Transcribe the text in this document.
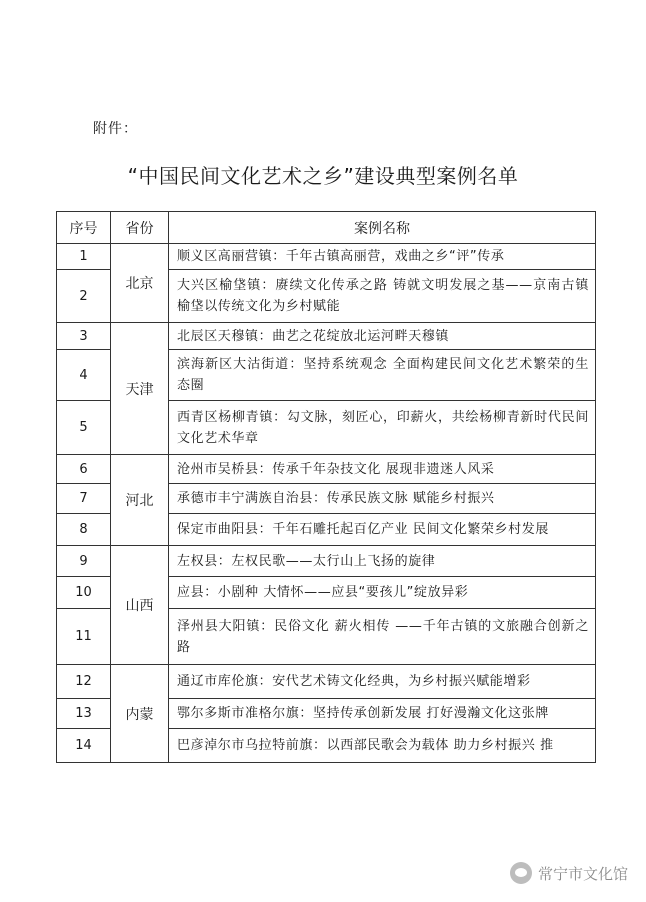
附件：
“中国民间文化艺术之乡”建设典型案例名单
序号	省份	案例名称
1	北京	顺义区高丽营镇：千年古镇高丽营，戏曲之乡“评”传承
2		大兴区榆垡镇：赓续文化传承之路 铸就文明发展之基——京南古镇榆垡以传统文化为乡村赋能
3	天津	北辰区天穆镇：曲艺之花绽放北运河畔天穆镇
4		滨海新区大沽街道：坚持系统观念 全面构建民间文化艺术繁荣的生态圈
5		西青区杨柳青镇：勾文脉，刻匠心，印薪火，共绘杨柳青新时代民间文化艺术华章
6	河北	沧州市吴桥县：传承千年杂技文化 展现非遗迷人风采
7		承德市丰宁满族自治县：传承民族文脉 赋能乡村振兴
8		保定市曲阳县：千年石雕托起百亿产业 民间文化繁荣乡村发展
9	山西	左权县：左权民歌——太行山上飞扬的旋律
10		应县：小剧种 大情怀——应县“要孩儿”绽放异彩
11		泽州县大阳镇：民俗文化 薪火相传 ——千年古镇的文旅融合创新之路
12	内蒙	通辽市库伦旗：安代艺术铸文化经典，为乡村振兴赋能增彩
13		鄂尔多斯市准格尔旗：坚持传承创新发展 打好漫瀚文化这张牌
14		巴彦淖尔市乌拉特前旗：以西部民歌会为载体 助力乡村振兴 推
常宁市文化馆
